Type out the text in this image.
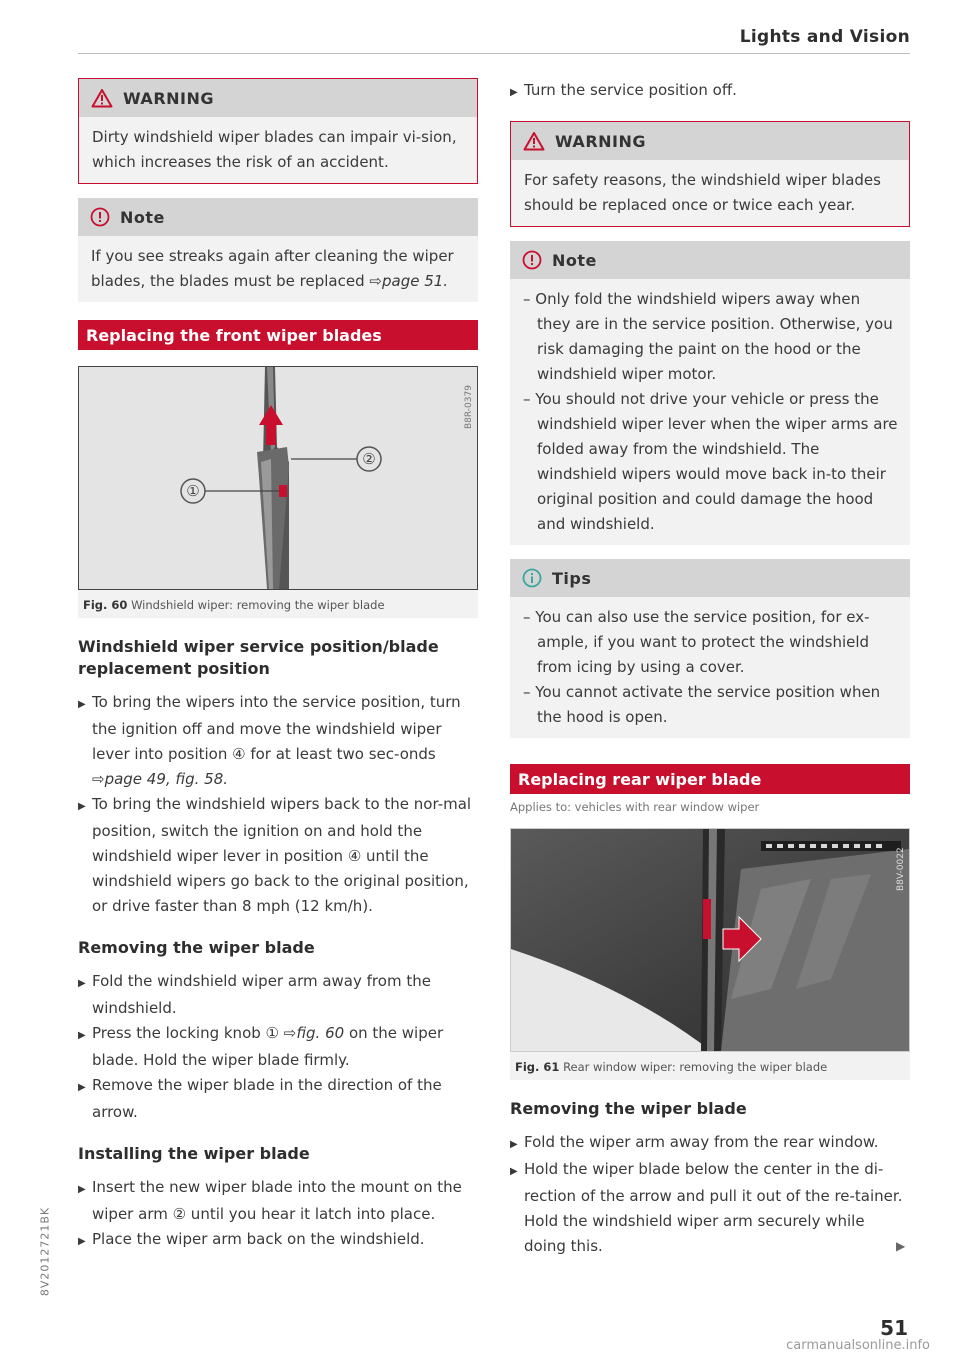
Lights and Vision
WARNING
Dirty windshield wiper blades can impair vi-sion, which increases the risk of an accident.
Note
If you see streaks again after cleaning the wiper blades, the blades must be replaced ⇨page 51.
Replacing the front wiper blades
①
②
B8R-0379
Fig. 60 Windshield wiper: removing the wiper blade
Windshield wiper service position/blade replacement position
▶ To bring the wipers into the service position, turn the ignition off and move the windshield wiper lever into position ④ for at least two sec-onds ⇨page 49, fig. 58.
▶ To bring the windshield wipers back to the nor-mal position, switch the ignition on and hold the windshield wiper lever in position ④ until the windshield wipers go back to the original position, or drive faster than 8 mph (12 km/h).
Removing the wiper blade
▶ Fold the windshield wiper arm away from the windshield.
▶ Press the locking knob ① ⇨fig. 60 on the wiper blade. Hold the wiper blade firmly.
▶ Remove the wiper blade in the direction of the arrow.
Installing the wiper blade
▶ Insert the new wiper blade into the mount on the wiper arm ② until you hear it latch into place.
▶ Place the wiper arm back on the windshield.
▶ Turn the service position off.
WARNING
For safety reasons, the windshield wiper blades should be replaced once or twice each year.
Note
– Only fold the windshield wipers away when they are in the service position. Otherwise, you risk damaging the paint on the hood or the windshield wiper motor.
– You should not drive your vehicle or press the windshield wiper lever when the wiper arms are folded away from the windshield. The windshield wipers would move back in-to their original position and could damage the hood and windshield.
Tips
– You can also use the service position, for ex-ample, if you want to protect the windshield from icing by using a cover.
– You cannot activate the service position when the hood is open.
Replacing rear wiper blade
Applies to: vehicles with rear window wiper
B8V-0022
Fig. 61 Rear window wiper: removing the wiper blade
Removing the wiper blade
▶ Fold the wiper arm away from the rear window.
▶ Hold the wiper blade below the center in the di-rection of the arrow and pull it out of the re-tainer. Hold the windshield wiper arm securely while doing this.	▶
8V2012721BK
51
carmanualsonline.info
